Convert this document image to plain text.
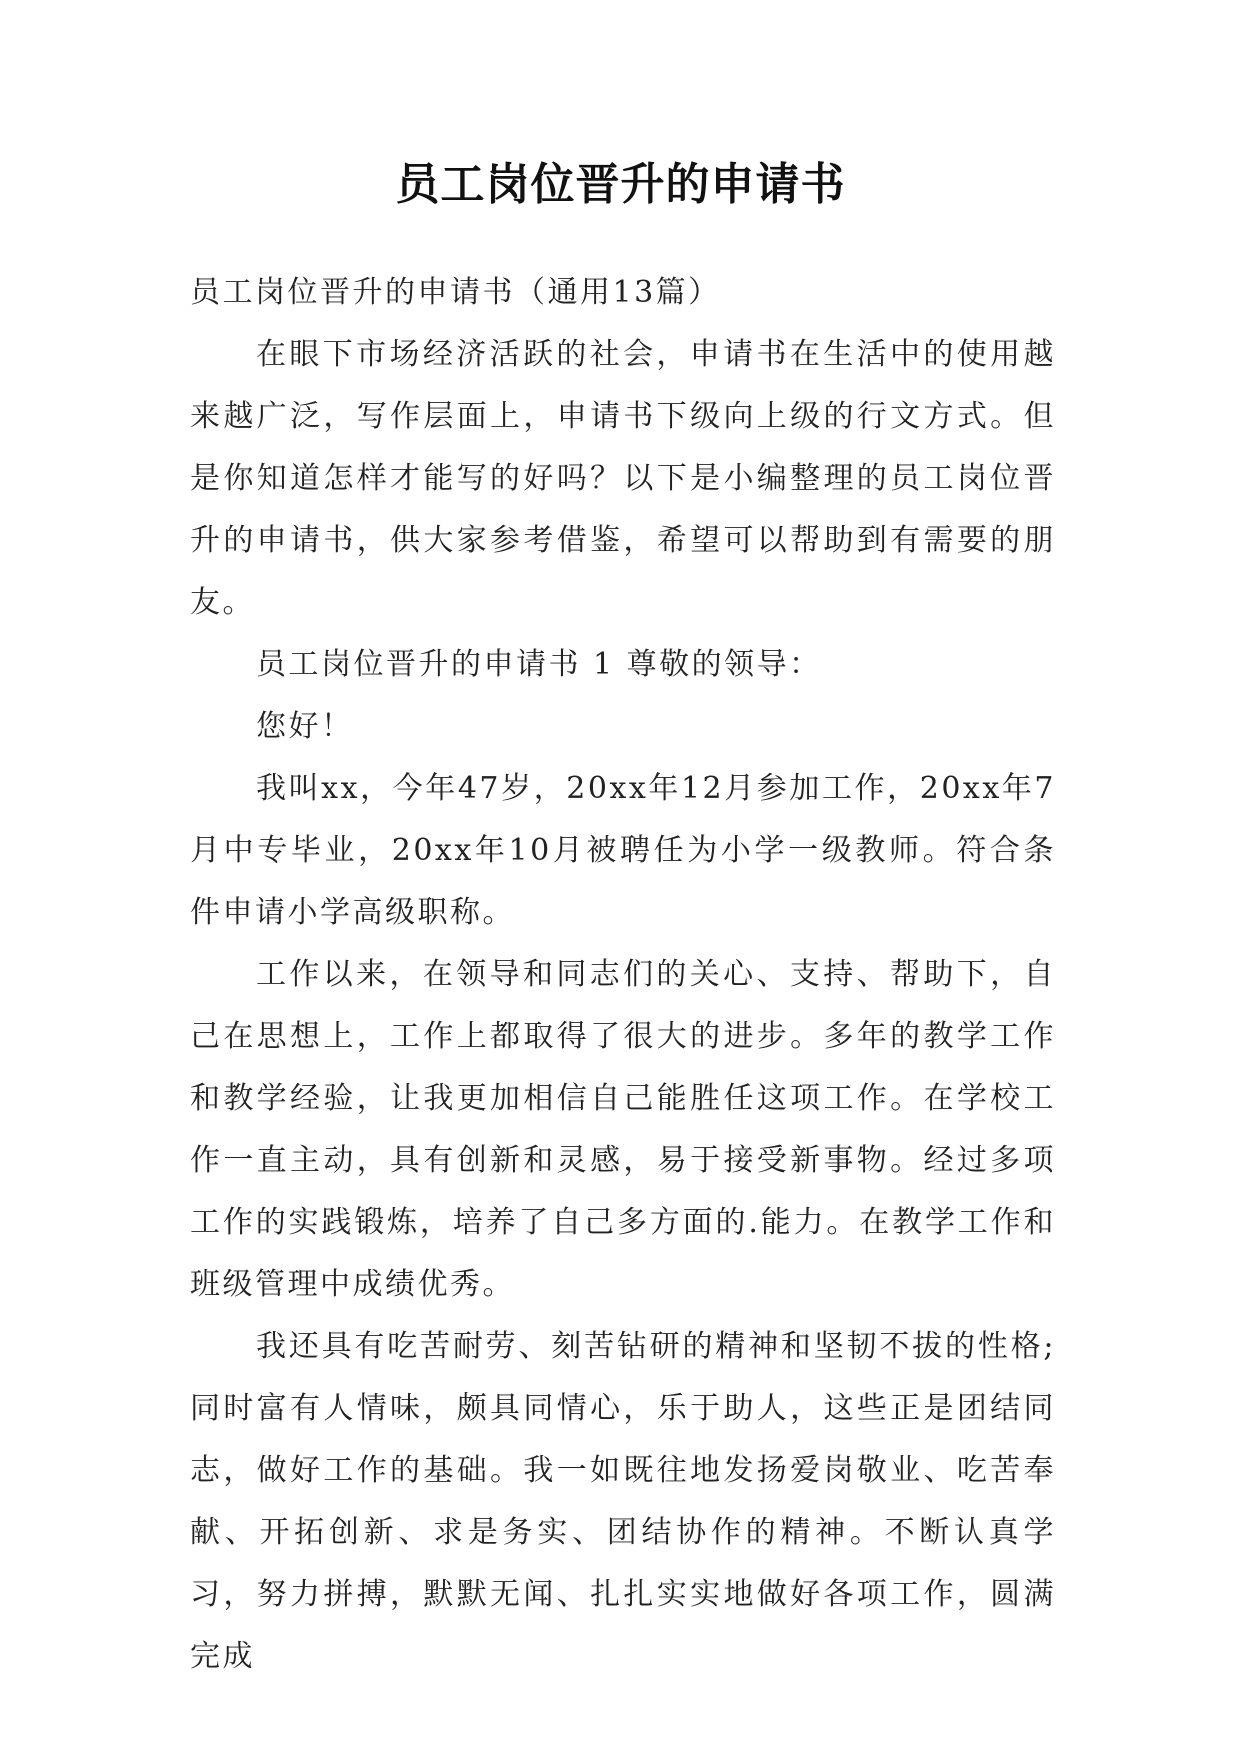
员工岗位晋升的申请书

员工岗位晋升的申请书（通用13篇）

在眼下市场经济活跃的社会，申请书在生活中的使用越来越广泛，写作层面上，申请书下级向上级的行文方式。但是你知道怎样才能写的好吗？以下是小编整理的员工岗位晋升的申请书，供大家参考借鉴，希望可以帮助到有需要的朋友。

员工岗位晋升的申请书 1 尊敬的领导：

您好！

我叫xx，今年47岁，20xx年12月参加工作，20xx年7月中专毕业，20xx年10月被聘任为小学一级教师。符合条件申请小学高级职称。

工作以来，在领导和同志们的关心、支持、帮助下，自己在思想上，工作上都取得了很大的进步。多年的教学工作和教学经验，让我更加相信自己能胜任这项工作。在学校工作一直主动，具有创新和灵感，易于接受新事物。经过多项工作的实践锻炼，培养了自己多方面的.能力。在教学工作和班级管理中成绩优秀。

我还具有吃苦耐劳、刻苦钻研的精神和坚韧不拔的性格;同时富有人情味，颇具同情心，乐于助人，这些正是团结同志，做好工作的基础。我一如既往地发扬爱岗敬业、吃苦奉献、开拓创新、求是务实、团结协作的精神。不断认真学习，努力拼搏，默默无闻、扎扎实实地做好各项工作，圆满完成
